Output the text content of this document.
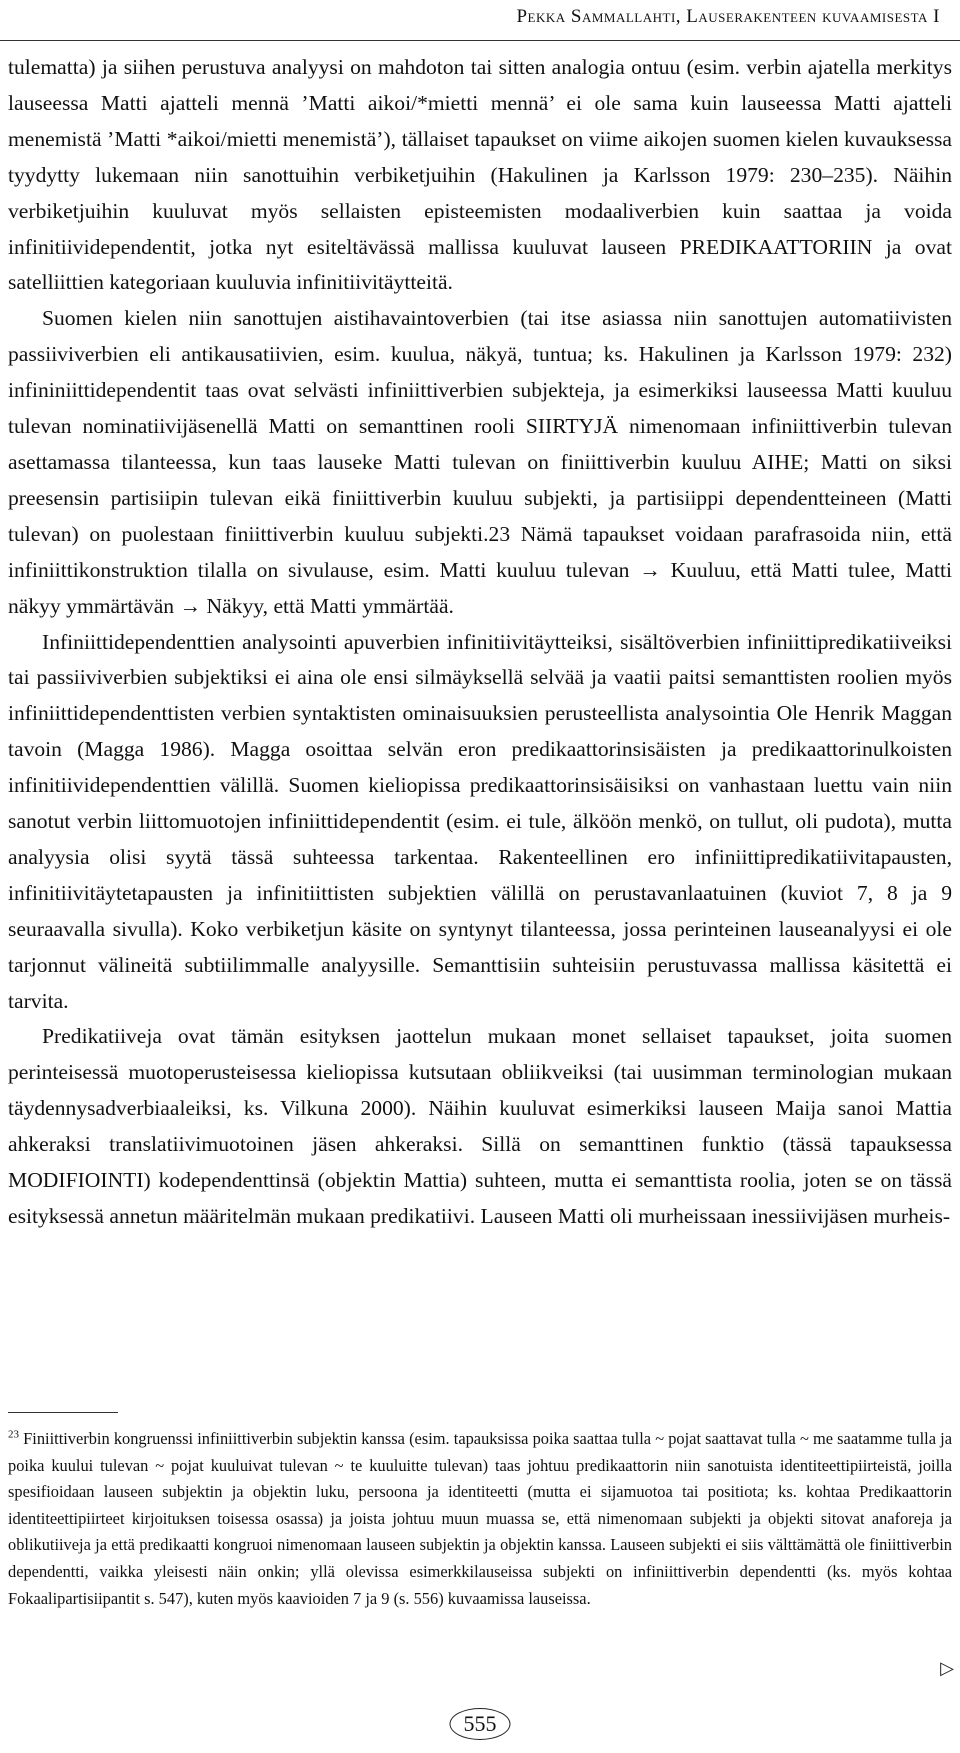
Pekka Sammallahti, Lauserakenteen kuvaamisesta I

tulematta) ja siihen perustuva analyysi on mahdoton tai sitten analogia ontuu (esim. verbin ajatella merkitys lauseessa Matti ajatteli mennä ’Matti aikoi/*mietti mennä’ ei ole sama kuin lauseessa Matti ajatteli menemistä ’Matti *aikoi/mietti menemistä’), tällaiset tapaukset on viime aikojen suomen kielen kuvauksessa tyydytty lukemaan niin sanottuihin verbiketjuihin (Hakulinen ja Karlsson 1979: 230–235). Näihin verbiketjuihin kuuluvat myös sellaisten episteemisten modaaliverbien kuin saattaa ja voida infinitiividependentit, jotka nyt esiteltävässä mallissa kuuluvat lauseen PREDIKAATTORIIN ja ovat satelliittien kategoriaan kuuluvia infinitiivitäytteitä.

Suomen kielen niin sanottujen aistihavaintoverbien (tai itse asiassa niin sanottujen automatiivisten passiiviverbien eli antikausatiivien, esim. kuulua, näkyä, tuntua; ks. Hakulinen ja Karlsson 1979: 232) infininiittidependentit taas ovat selvästi infiniittiverbien subjekteja, ja esimerkiksi lauseessa Matti kuuluu tulevan nominatiivijäsenellä Matti on semanttinen rooli SIIRTYJÄ nimenomaan infiniittiverbin tulevan asettamassa tilanteessa, kun taas lauseke Matti tulevan on finiittiverbin kuuluu AIHE; Matti on siksi preesensin partisiipin tulevan eikä finiittiverbin kuuluu subjekti, ja partisiippi dependentteineen (Matti tulevan) on puolestaan finiittiverbin kuuluu subjekti.23 Nämä tapaukset voidaan parafrasoida niin, että infiniittikonstruktion tilalla on sivulause, esim. Matti kuuluu tulevan → Kuuluu, että Matti tulee, Matti näkyy ymmärtävän → Näkyy, että Matti ymmärtää.

Infiniittidependenttien analysointi apuverbien infinitiivitäytteiksi, sisältöverbien infiniittipredikatiiveiksi tai passiiviverbien subjektiksi ei aina ole ensi silmäyksellä selvää ja vaatii paitsi semanttisten roolien myös infiniittidependenttisten verbien syntaktisten ominaisuuksien perusteellista analysointia Ole Henrik Maggan tavoin (Magga 1986). Magga osoittaa selvän eron predikaattorinsisäisten ja predikaattorinulkoisten infinitiividependenttien välillä. Suomen kieliopissa predikaattorinsisäisiksi on vanhastaan luettu vain niin sanotut verbin liittomuotojen infiniittidependentit (esim. ei tule, älköön menkö, on tullut, oli pudota), mutta analyysia olisi syytä tässä suhteessa tarkentaa. Rakenteellinen ero infiniittipredikatiivitapausten, infinitiivitäytetapausten ja infinitiittisten subjektien välillä on perustavanlaatuinen (kuviot 7, 8 ja 9 seuraavalla sivulla). Koko verbiketjun käsite on syntynyt tilanteessa, jossa perinteinen lauseanalyysi ei ole tarjonnut välineitä subtiilimmalle analyysille. Semanttisiin suhteisiin perustuvassa mallissa käsitettä ei tarvita.

Predikatiiveja ovat tämän esityksen jaottelun mukaan monet sellaiset tapaukset, joita suomen perinteisessä muotoperusteisessa kieliopissa kutsutaan obliikveiksi (tai uusimman terminologian mukaan täydennysadverbiaaleiksi, ks. Vilkuna 2000). Näihin kuuluvat esimerkiksi lauseen Maija sanoi Mattia ahkeraksi translatiivimuotoinen jäsen ahkeraksi. Sillä on semanttinen funktio (tässä tapauksessa MODIFIOINTI) kodependenttinsä (objektin Mattia) suhteen, mutta ei semanttista roolia, joten se on tässä esityksessä annetun määritelmän mukaan predikatiivi. Lauseen Matti oli murheissaan inessiivijäsen murheis-

$^{23}$ Finiittiverbin kongruenssi infiniittiverbin subjektin kanssa (esim. tapauksissa poika saattaa tulla ~ pojat saattavat tulla ~ me saatamme tulla ja poika kuului tulevan ~ pojat kuuluivat tulevan ~ te kuuluitte tulevan) taas johtuu predikaattorin niin sanotuista identiteettipiirteistä, joilla spesifioidaan lauseen subjektin ja objektin luku, persoona ja identiteetti (mutta ei sijamuotoa tai positiota; ks. kohtaa Predikaattorin identiteettipiirteet kirjoituksen toisessa osassa) ja joista johtuu muun muassa se, että nimenomaan subjekti ja objekti sitovat anaforeja ja oblikutiiveja ja että predikaatti kongruoi nimenomaan lauseen subjektin ja objektin kanssa. Lauseen subjekti ei siis välttämättä ole finiittiverbin dependentti, vaikka yleisesti näin onkin; yllä olevissa esimerkkilauseissa subjekti on infiniittiverbin dependentti (ks. myös kohtaa Fokaalipartisiipantit s. 547), kuten myös kaavioiden 7 ja 9 (s. 556) kuvaamissa lauseissa.
▷
555
